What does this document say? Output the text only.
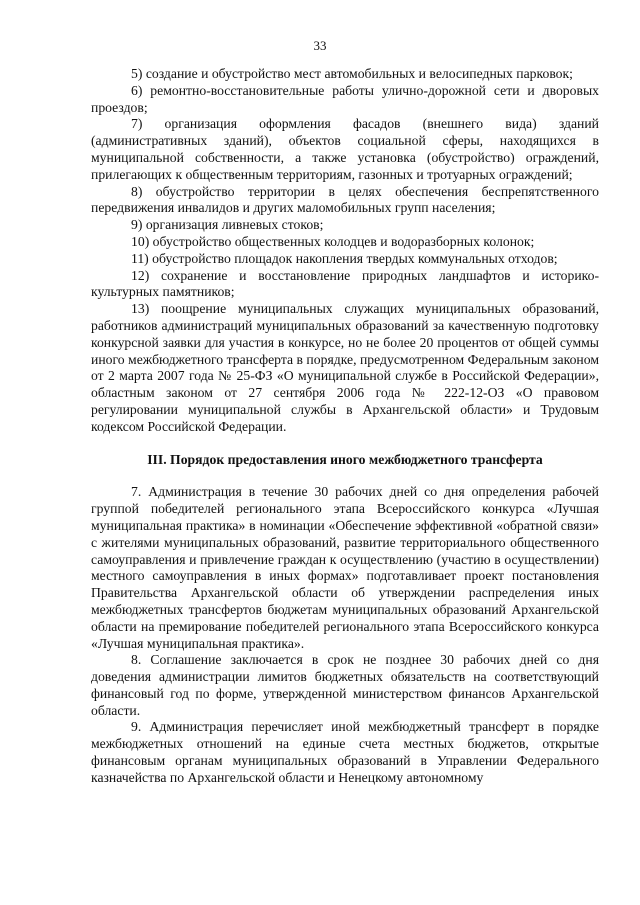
33

5) создание и обустройство мест автомобильных и велосипедных парковок;

6) ремонтно-восстановительные работы улично-дорожной сети и дворовых проездов;

7) организация оформления фасадов (внешнего вида) зданий (административных зданий), объектов социальной сферы, находящихся в муниципальной собственности, а также установка (обустройство) ограждений, прилегающих к общественным территориям, газонных и тротуарных ограждений;

8) обустройство территории в целях обеспечения беспрепятственного передвижения инвалидов и других маломобильных групп населения;

9) организация ливневых стоков;

10) обустройство общественных колодцев и водоразборных колонок;

11) обустройство площадок накопления твердых коммунальных отходов;

12) сохранение и восстановление природных ландшафтов и историко-культурных памятников;

13) поощрение муниципальных служащих муниципальных образований, работников администраций муниципальных образований за качественную подготовку конкурсной заявки для участия в конкурсе, но не более 20 процентов от общей суммы иного межбюджетного трансферта в порядке, предусмотренном Федеральным законом от 2 марта 2007 года № 25-ФЗ «О муниципальной службе в Российской Федерации», областным законом от 27 сентября 2006 года № 222-12-ОЗ «О правовом регулировании муниципальной службы в Архангельской области» и Трудовым кодексом Российской Федерации.

III. Порядок предоставления иного межбюджетного трансферта

7. Администрация в течение 30 рабочих дней со дня определения рабочей группой победителей регионального этапа Всероссийского конкурса «Лучшая муниципальная практика» в номинации «Обеспечение эффективной «обратной связи» с жителями муниципальных образований, развитие территориального общественного самоуправления и привлечение граждан к осуществлению (участию в осуществлении) местного самоуправления в иных формах» подготавливает проект постановления Правительства Архангельской области об утверждении распределения иных межбюджетных трансфертов бюджетам муниципальных образований Архангельской области на премирование победителей регионального этапа Всероссийского конкурса «Лучшая муниципальная практика».

8. Соглашение заключается в срок не позднее 30 рабочих дней со дня доведения администрации лимитов бюджетных обязательств на соответствующий финансовый год по форме, утвержденной министерством финансов Архангельской области.

9. Администрация перечисляет иной межбюджетный трансферт в порядке межбюджетных отношений на единые счета местных бюджетов, открытые финансовым органам муниципальных образований в Управлении Федерального казначейства по Архангельской области и Ненецкому автономному
